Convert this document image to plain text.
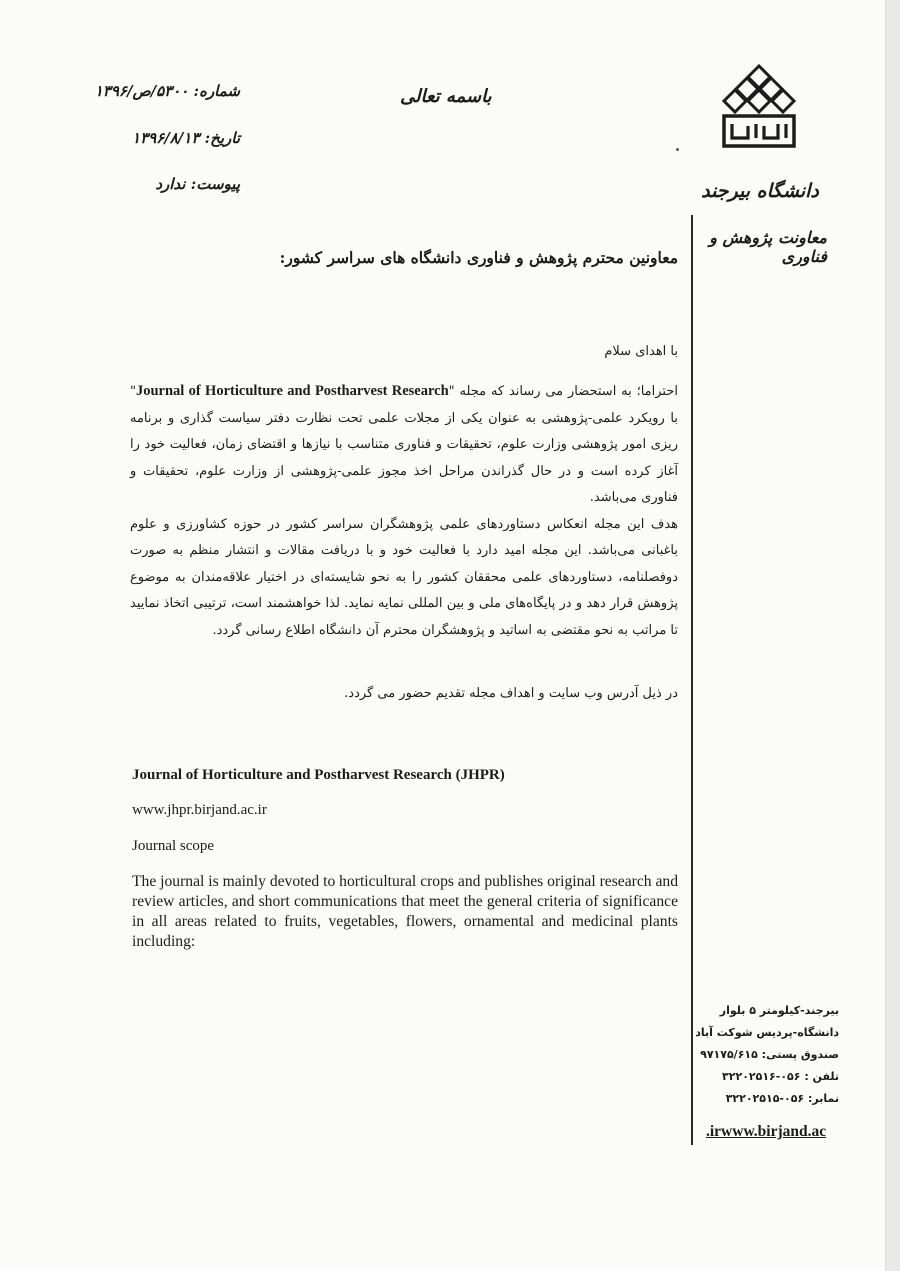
شماره: ۵۳۰۰/ص/۱۳۹۶
تاریخ: ۱۳۹۶/۸/۱۳
پیوست: ندارد
باسمه تعالی
دانشگاه بیرجند
معاونت پژوهش و فناوری
معاونین محترم پژوهش و فناوری دانشگاه های سراسر کشور:
با اهدای سلام
احتراما؛ به استحضار می رساند که مجله "Journal of Horticulture and Postharvest Research" با رویکرد علمی-پژوهشی به عنوان یکی از مجلات علمی تحت نظارت دفتر سیاست گذاری و برنامه ریزی امور پژوهشی وزارت علوم، تحقیقات و فناوری متناسب با نیازها و اقتضای زمان، فعالیت خود را آغاز کرده است و در حال گذراندن مراحل اخذ مجوز علمی-پژوهشی از وزارت علوم، تحقیقات و فناوری می‌باشد.
هدف این مجله انعکاس دستاوردهای علمی پژوهشگران سراسر کشور در حوزه کشاورزی و علوم باغبانی می‌باشد. این مجله امید دارد با فعالیت خود و با دریافت مقالات و انتشار منظم به صورت دوفصلنامه، دستاوردهای علمی محققان کشور را به نحو شایسته‌ای در اختیار علاقه‌مندان به موضوع پژوهش قرار دهد و در پایگاه‌های ملی و بین المللی نمایه نماید. لذا خواهشمند است، ترتیبی اتخاذ نمایید تا مراتب به نحو مقتضی به اساتید و پژوهشگران محترم آن دانشگاه اطلاع رسانی گردد.
در ذیل آدرس وب سایت و اهداف مجله تقدیم حضور می گردد.
Journal of Horticulture and Postharvest Research (JHPR)
www.jhpr.birjand.ac.ir
Journal scope
The journal is mainly devoted to horticultural crops and publishes original research and review articles, and short communications that meet the general criteria of significance in all areas related to fruits, vegetables, flowers, ornamental and medicinal plants including:
بیرجند-کیلومتر ۵ بلوار
دانشگاه-پردیس شوکت آباد
صندوق پستی: ۹۷۱۷۵/۶۱۵
تلفن : ۰۵۶-۳۲۲۰۲۵۱۶
نمابر: ۰۵۶-۳۲۲۰۲۵۱۵
.irwww.birjand.ac
